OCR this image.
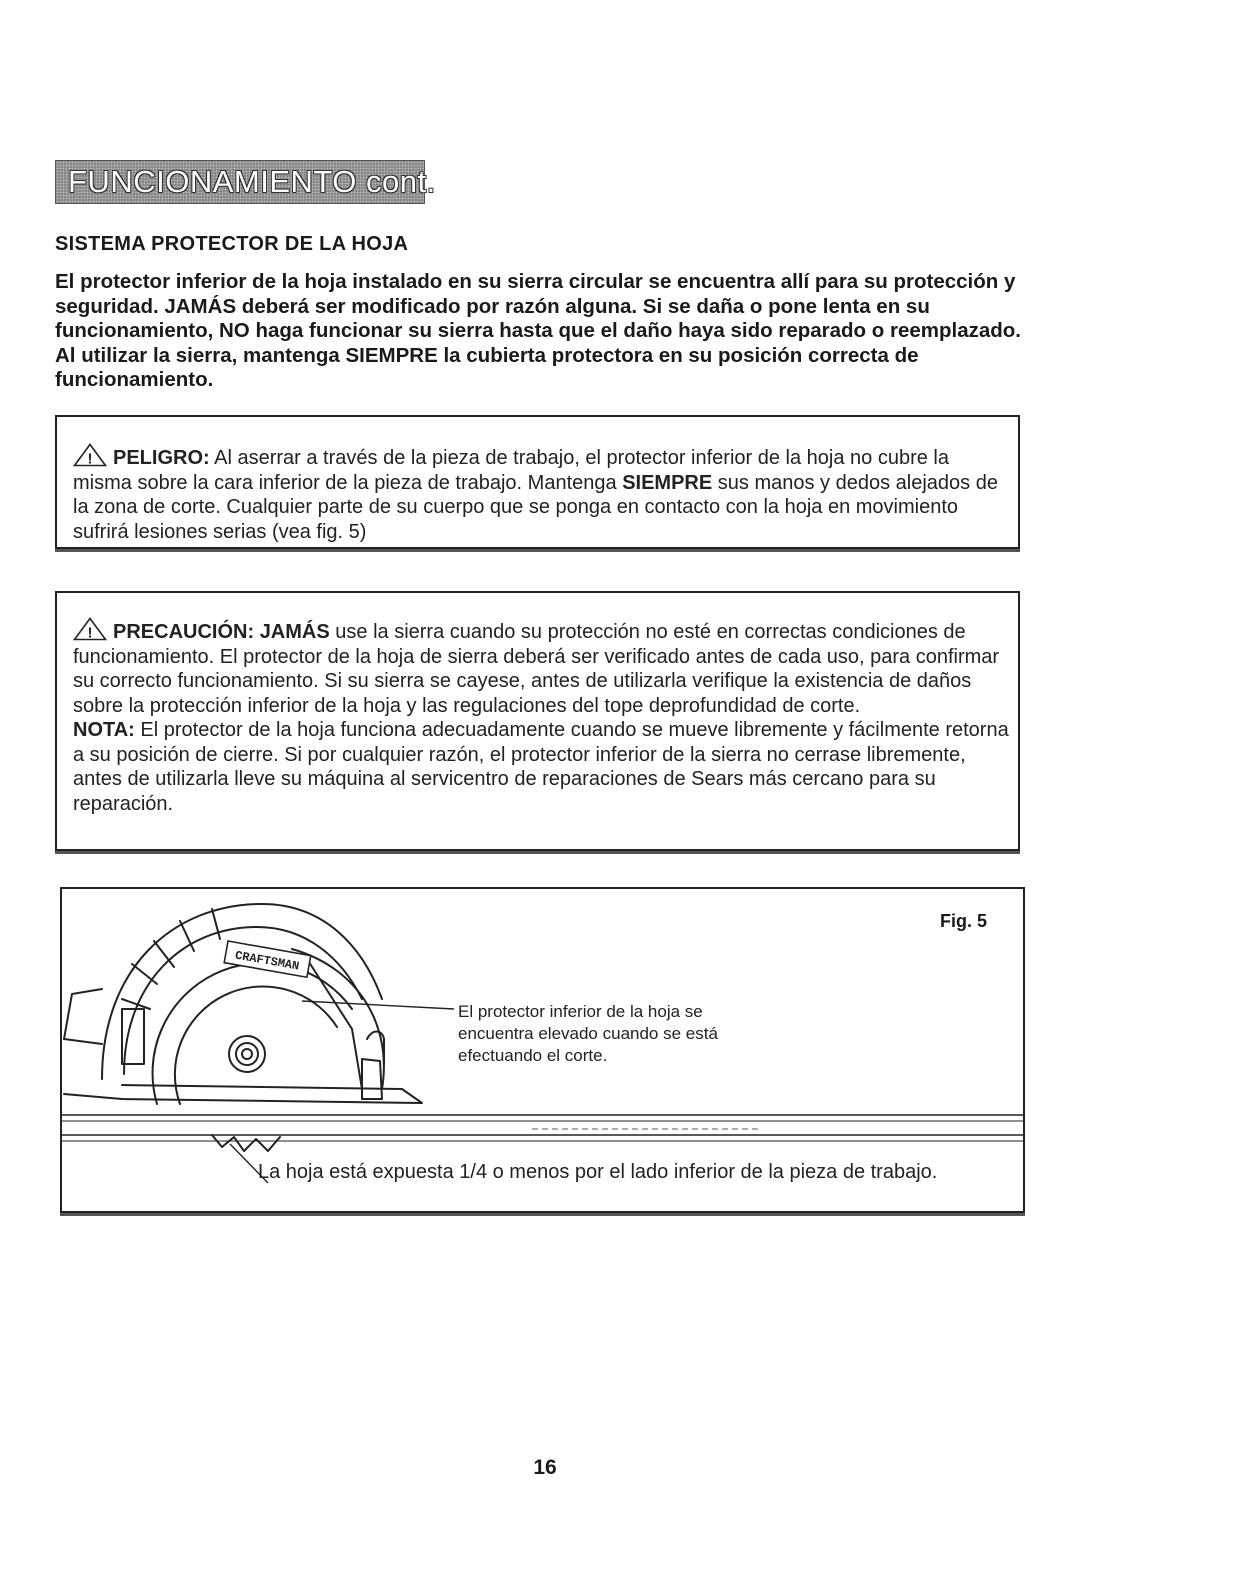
FUNCIONAMIENTO cont.
SISTEMA PROTECTOR DE LA HOJA
El protector inferior de la hoja instalado en su sierra circular se encuentra allí para su protección y seguridad. JAMÁS deberá ser modificado por razón alguna. Si se daña o pone lenta en su funcionamiento, NO haga funcionar su sierra hasta que el daño haya sido reparado o reemplazado. Al utilizar la sierra, mantenga SIEMPRE la cubierta protectora en su posición correcta de funcionamiento.
! PELIGRO: Al aserrar a través de la pieza de trabajo, el protector inferior de la hoja no cubre la misma sobre la cara inferior de la pieza de trabajo. Mantenga SIEMPRE sus manos y dedos alejados de la zona de corte. Cualquier parte de su cuerpo que se ponga en contacto con la hoja en movimiento sufrirá lesiones serias (vea fig. 5)
! PRECAUCIÓN: JAMÁS use la sierra cuando su protección no esté en correctas condiciones de funcionamiento. El protector de la hoja de sierra deberá ser verificado antes de cada uso, para confirmar su correcto funcionamiento. Si su sierra se cayese, antes de utilizarla verifique la existencia de daños sobre la protección inferior de la hoja y las regulaciones del tope deprofundidad de corte.
NOTA: El protector de la hoja funciona adecuadamente cuando se mueve libremente y fácilmente retorna a su posición de cierre. Si por cualquier razón, el protector inferior de la sierra no cerrase libremente, antes de utilizarla lleve su máquina al servicentro de reparaciones de Sears más cercano para su reparación.
Fig. 5
CRAFTSMAN
El protector inferior de la hoja se encuentra elevado cuando se está efectuando el corte.
La hoja está expuesta 1/4 o menos por el lado inferior de la pieza de trabajo.
16
